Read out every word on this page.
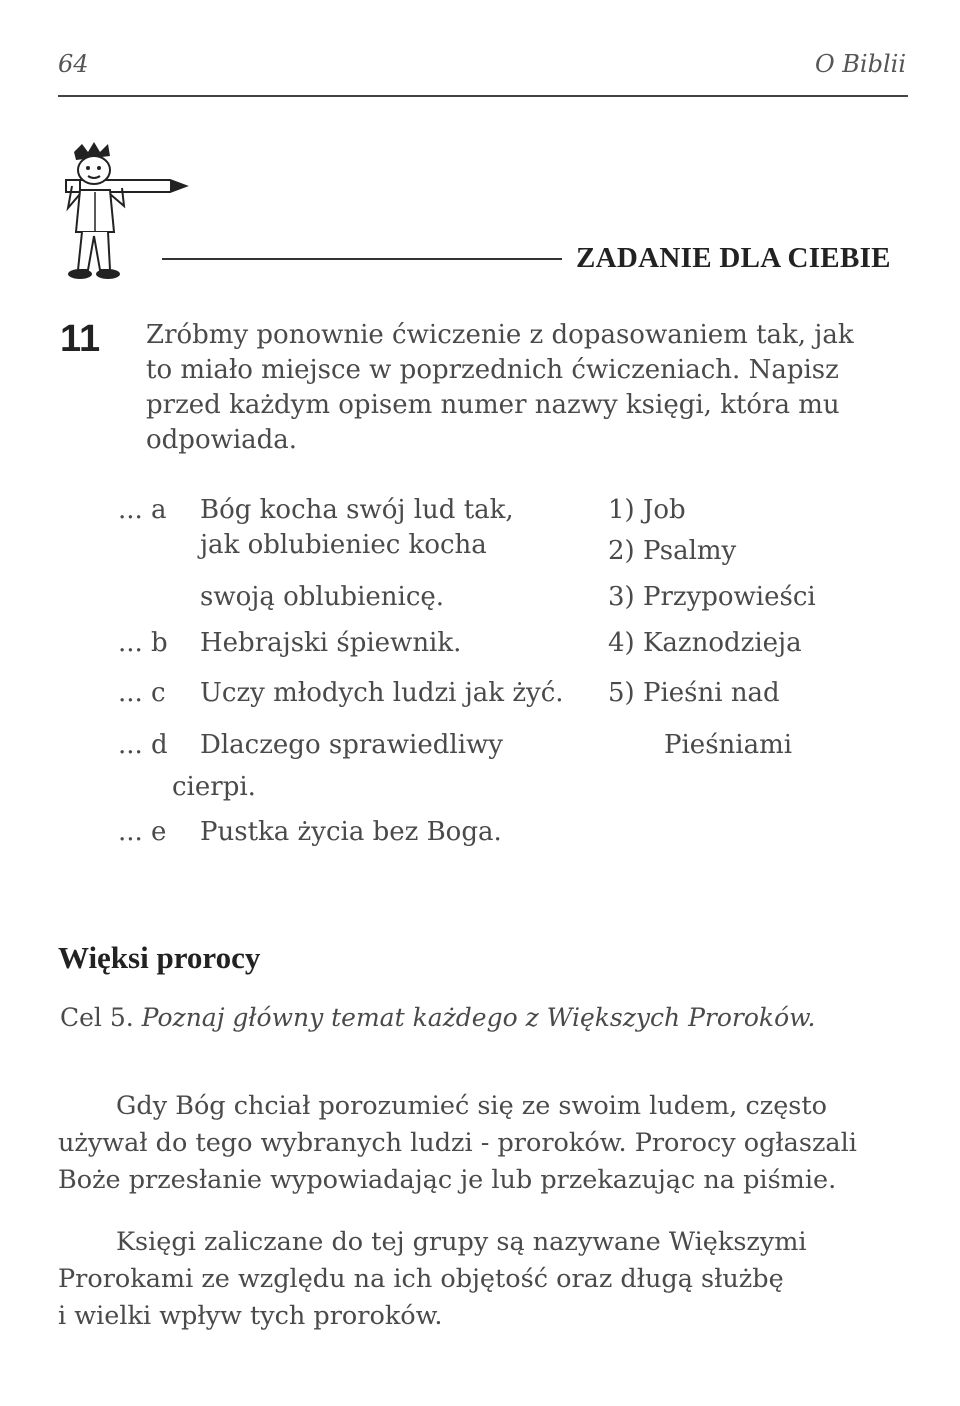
64	O Biblii
ZADANIE DLA CIEBIE
11 Zróbmy ponownie ćwiczenie z dopasowaniem tak, jak
to miało miejsce w poprzednich ćwiczeniach. Napisz
przed każdym opisem numer nazwy księgi, która mu
odpowiada.
... a Bóg kocha swój lud tak,
jak oblubieniec kocha
swoją oblubienicę.
... b Hebrajski śpiewnik.
... c Uczy młodych ludzi jak żyć.
... d Dlaczego sprawiedliwy
cierpi.
... e Pustka życia bez Boga.
1) Job
2) Psalmy
3) Przypowieści
4) Kaznodzieja
5) Pieśni nad
Pieśniami
Więksi prorocy
Cel 5. Poznaj główny temat każdego z Większych Proroków.
Gdy Bóg chciał porozumieć się ze swoim ludem, często
używał do tego wybranych ludzi - proroków. Prorocy ogłaszali
Boże przesłanie wypowiadając je lub przekazując na piśmie.
Księgi zaliczane do tej grupy są nazywane Większymi
Prorokami ze względu na ich objętość oraz długą służbę
i wielki wpływ tych proroków.
